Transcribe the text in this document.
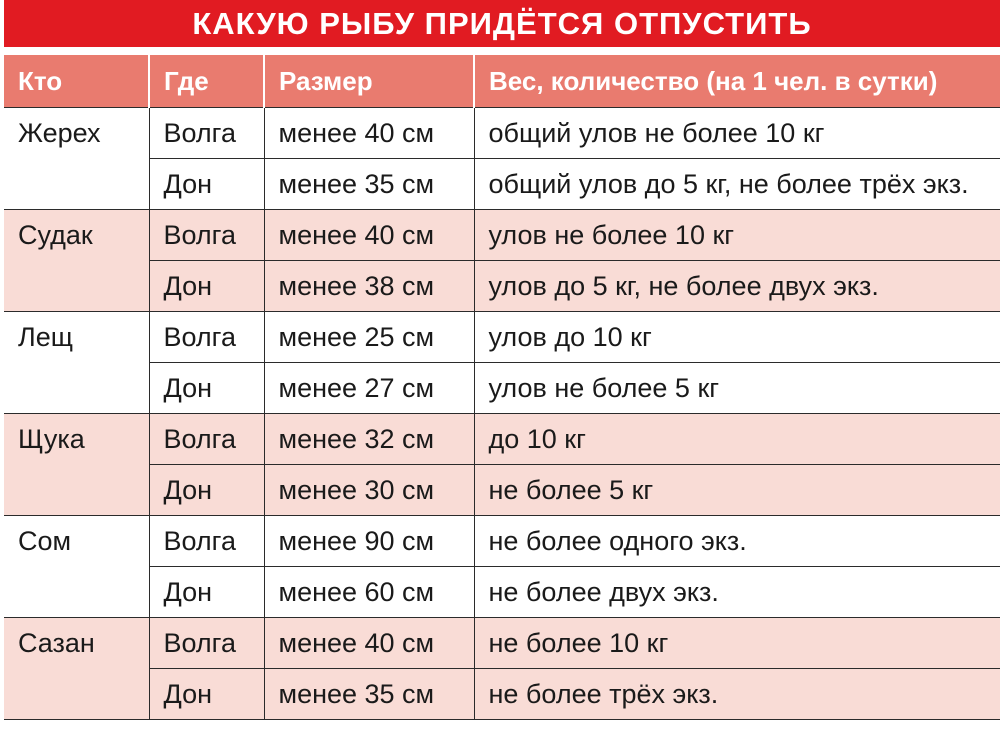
КАКУЮ РЫБУ ПРИДЁТСЯ ОТПУСТИТЬ
Кто	Где	Размер	Вес, количество (на 1 чел. в сутки)
Жерех	Волга	менее 40 см	общий улов не более 10 кг
	Дон	менее 35 см	общий улов до 5 кг, не более трёх экз.
Судак	Волга	менее 40 см	улов не более 10 кг
	Дон	менее 38 см	улов до 5 кг, не более двух экз.
Лещ	Волга	менее 25 см	улов до 10 кг
	Дон	менее 27 см	улов не более 5 кг
Щука	Волга	менее 32 см	до 10 кг
	Дон	менее 30 см	не более 5 кг
Сом	Волга	менее 90 см	не более одного экз.
	Дон	менее 60 см	не более двух экз.
Сазан	Волга	менее 40 см	не более 10 кг
	Дон	менее 35 см	не более трёх экз.
